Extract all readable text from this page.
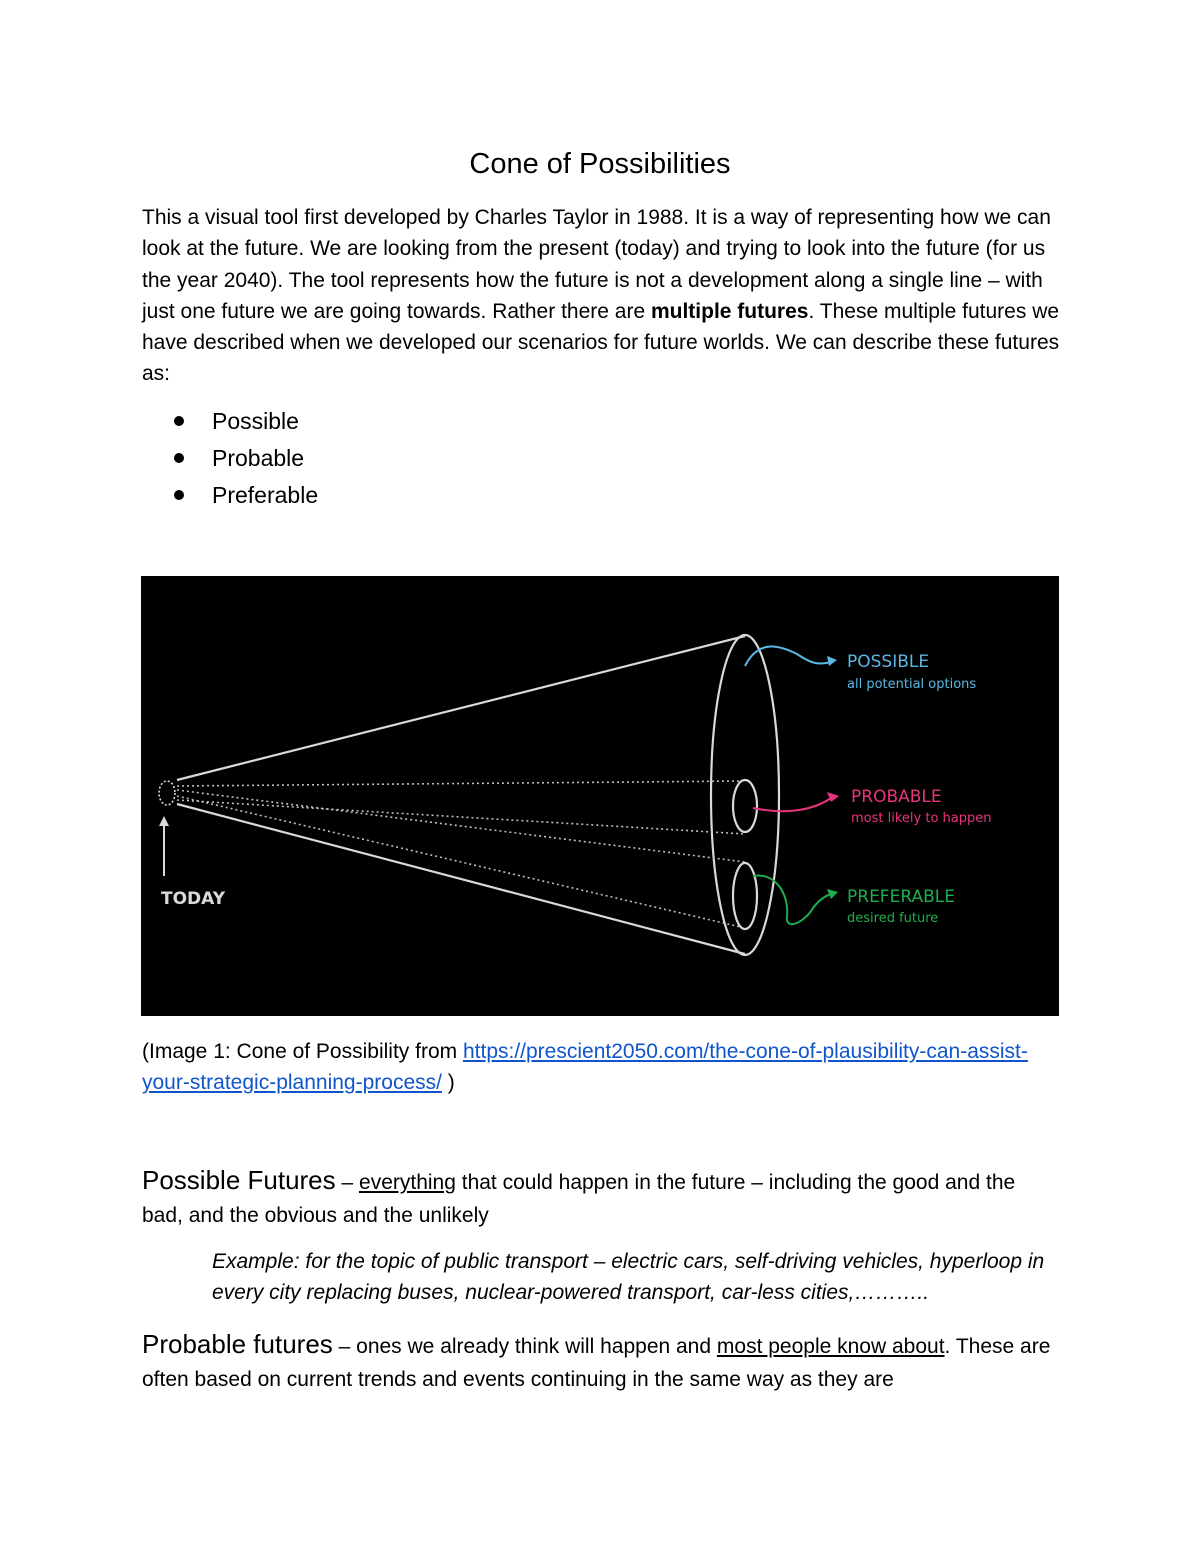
Cone of Possibilities

This a visual tool first developed by Charles Taylor in 1988. It is a way of representing how we can look at the future. We are looking from the present (today) and trying to look into the future (for us the year 2040). The tool represents how the future is not a development along a single line – with just one future we are going towards. Rather there are multiple futures. These multiple futures we have described when we developed our scenarios for future worlds. We can describe these futures as:

Possible
Probable
Preferable
TODAY
POSSIBLE
all potential options
PROBABLE
most likely to happen
PREFERABLE
desired future

(Image 1: Cone of Possibility from https://prescient2050.com/the-cone-of-plausibility-can-assist-your-strategic-planning-process/ )

Possible Futures – everything that could happen in the future – including the good and the bad, and the obvious and the unlikely

Example: for the topic of public transport – electric cars, self-driving vehicles, hyperloop in every city replacing buses, nuclear-powered transport, car-less cities,………..

Probable futures – ones we already think will happen and most people know about. These are often based on current trends and events continuing in the same way as they are
